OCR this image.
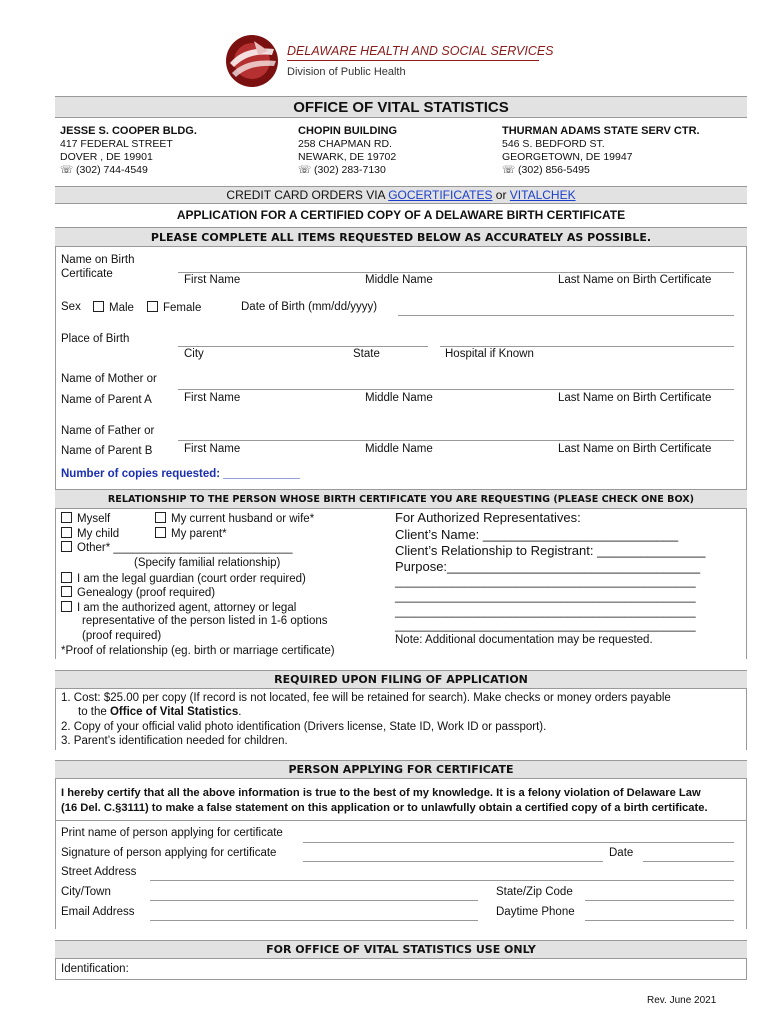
DELAWARE HEALTH AND SOCIAL SERVICES
Division of Public Health
OFFICE OF VITAL STATISTICS
JESSE S. COOPER BLDG.
417 FEDERAL STREET
DOVER , DE 19901
☏ (302) 744-4549
CHOPIN BUILDING
258 CHAPMAN RD.
NEWARK, DE 19702
☏ (302) 283-7130
THURMAN ADAMS STATE SERV CTR.
546 S. BEDFORD ST.
GEORGETOWN, DE 19947
☏ (302) 856-5495
CREDIT CARD ORDERS VIA GOCERTIFICATES or VITALCHEK
APPLICATION FOR A CERTIFIED COPY OF A DELAWARE BIRTH CERTIFICATE
PLEASE COMPLETE ALL ITEMS REQUESTED BELOW AS ACCURATELY AS POSSIBLE.
Name on Birth
Certificate	First Name	Middle Name	Last Name on Birth Certificate
Sex	Male	Female	Date of Birth (mm/dd/yyyy)
Place of Birth
City	State	Hospital if Known
Name of Mother or
Name of Parent A	First Name	Middle Name	Last Name on Birth Certificate
Name of Father or
Name of Parent B	First Name	Middle Name	Last Name on Birth Certificate
Number of copies requested: ____________
RELATIONSHIP TO THE PERSON WHOSE BIRTH CERTIFICATE YOU ARE REQUESTING (PLEASE CHECK ONE BOX)
Myself
My child
Other* ____________________________
My current husband or wife*
My parent*
(Specify familial relationship)
I am the legal guardian (court order required)
Genealogy (proof required)
I am the authorized agent, attorney or legal
representative of the person listed in 1-6 options
(proof required)
*Proof of relationship (eg. birth or marriage certificate)
For Authorized Representatives:
Client’s Name: ___________________________
Client’s Relationship to Registrant: _______________
Purpose:___________________________________
_______________________________________________
_______________________________________________
_______________________________________________
_______________________________________________
Note: Additional documentation may be requested.
REQUIRED UPON FILING OF APPLICATION
1. Cost: $25.00 per copy (If record is not located, fee will be retained for search). Make checks or money orders payable
to the Office of Vital Statistics.
2. Copy of your official valid photo identification (Drivers license, State ID, Work ID or passport).
3. Parent’s identification needed for children.
PERSON APPLYING FOR CERTIFICATE
I hereby certify that all the above information is true to the best of my knowledge. It is a felony violation of Delaware Law
(16 Del. C.§3111) to make a false statement on this application or to unlawfully obtain a certified copy of a birth certificate.
Print name of person applying for certificate
Signature of person applying for certificate	Date
Street Address
City/Town	State/Zip Code
Email Address	Daytime Phone
FOR OFFICE OF VITAL STATISTICS USE ONLY
Identification:
Rev. June 2021
